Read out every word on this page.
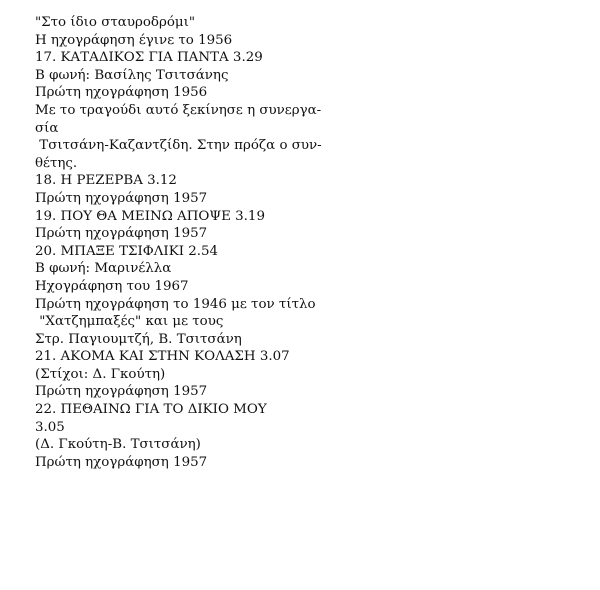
"Στο ίδιο σταυροδρόμι"
Η ηχογράφηση έγινε το 1956
17. ΚΑΤΑΔΙΚΟΣ ΓΙΑ ΠΑΝΤΑ 3.29
Β φωνή: Βασίλης Τσιτσάνης
Πρώτη ηχογράφηση 1956
Με το τραγούδι αυτό ξεκίνησε η συνεργα-
σία
Τσιτσάνη-Καζαντζίδη. Στην πρόζα ο συν-
θέτης.
18. Η ΡΕΖΕΡΒΑ 3.12
Πρώτη ηχογράφηση 1957
19. ΠΟΥ ΘΑ ΜΕΙΝΩ ΑΠΟΨΕ 3.19
Πρώτη ηχογράφηση 1957
20. ΜΠΑΞΕ ΤΣΙΦΛΙΚΙ 2.54
Β φωνή: Μαρινέλλα
Ηχογράφηση του 1967
Πρώτη ηχογράφηση το 1946 με τον τίτλο
"Χατζημπαξές" και με τους
Στρ. Παγιουμτζή, Β. Τσιτσάνη
21. ΑΚΟΜΑ ΚΑΙ ΣΤΗΝ ΚΟΛΑΣΗ 3.07
(Στίχοι: Δ. Γκούτη)
Πρώτη ηχογράφηση 1957
22. ΠΕΘΑΙΝΩ ΓΙΑ ΤΟ ΔΙΚΙΟ ΜΟΥ
3.05
(Δ. Γκούτη-Β. Τσιτσάνη)
Πρώτη ηχογράφηση 1957
